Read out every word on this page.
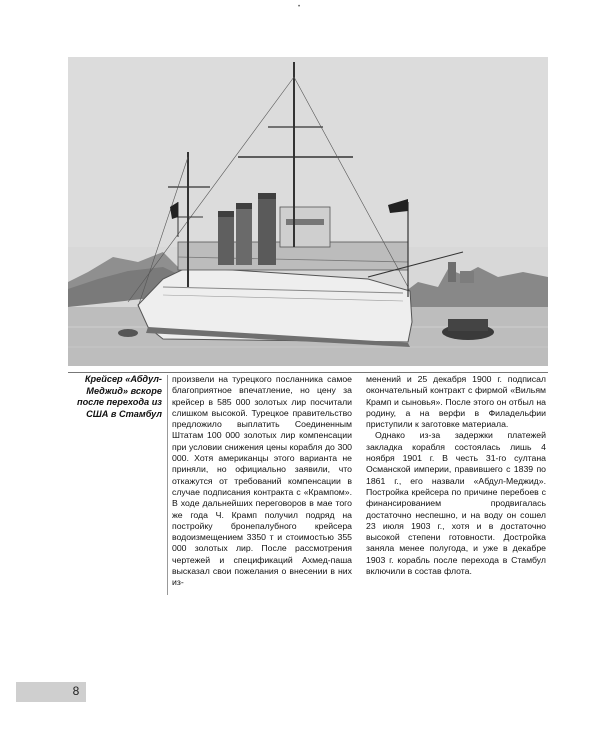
•
Крейсер «Абдул-Меджид» вскоре после перехода из США в Стамбул

произвели на турецкого посланника самое благоприятное впечатление, но цену за крейсер в 585 000 золотых лир посчитали слишком высокой. Турецкое правительство предложило выплатить Соединенным Штатам 100 000 золотых лир компенсации при условии снижения цены корабля до 300 000. Хотя американцы этого варианта не приняли, но официально заявили, что откажутся от требований компенсации в случае подписания контракта с «Крампом». В ходе дальнейших переговоров в мае того же года Ч. Крамп получил подряд на постройку бронепалубного крейсера водоизмещением 3350 т и стоимостью 355 000 золотых лир. После рассмотрения чертежей и спецификаций Ахмед-паша высказал свои пожелания о внесении в них из-

менений и 25 декабря 1900 г. подписал окончательный контракт с фирмой «Вильям Крамп и сыновья». После этого он отбыл на родину, а на верфи в Филадельфии приступили к заготовке материала.

Однако из-за задержки платежей закладка корабля состоялась лишь 4 ноября 1901 г. В честь 31-го султана Османской империи, правившего с 1839 по 1861 г., его назвали «Абдул-Меджид». Постройка крейсера по причине перебоев с финансированием продвигалась достаточно неспешно, и на воду он сошел 23 июля 1903 г., хотя и в достаточно высокой степени готовности. Достройка заняла менее полугода, и уже в декабре 1903 г. корабль после перехода в Стамбул включили в состав флота.

8
